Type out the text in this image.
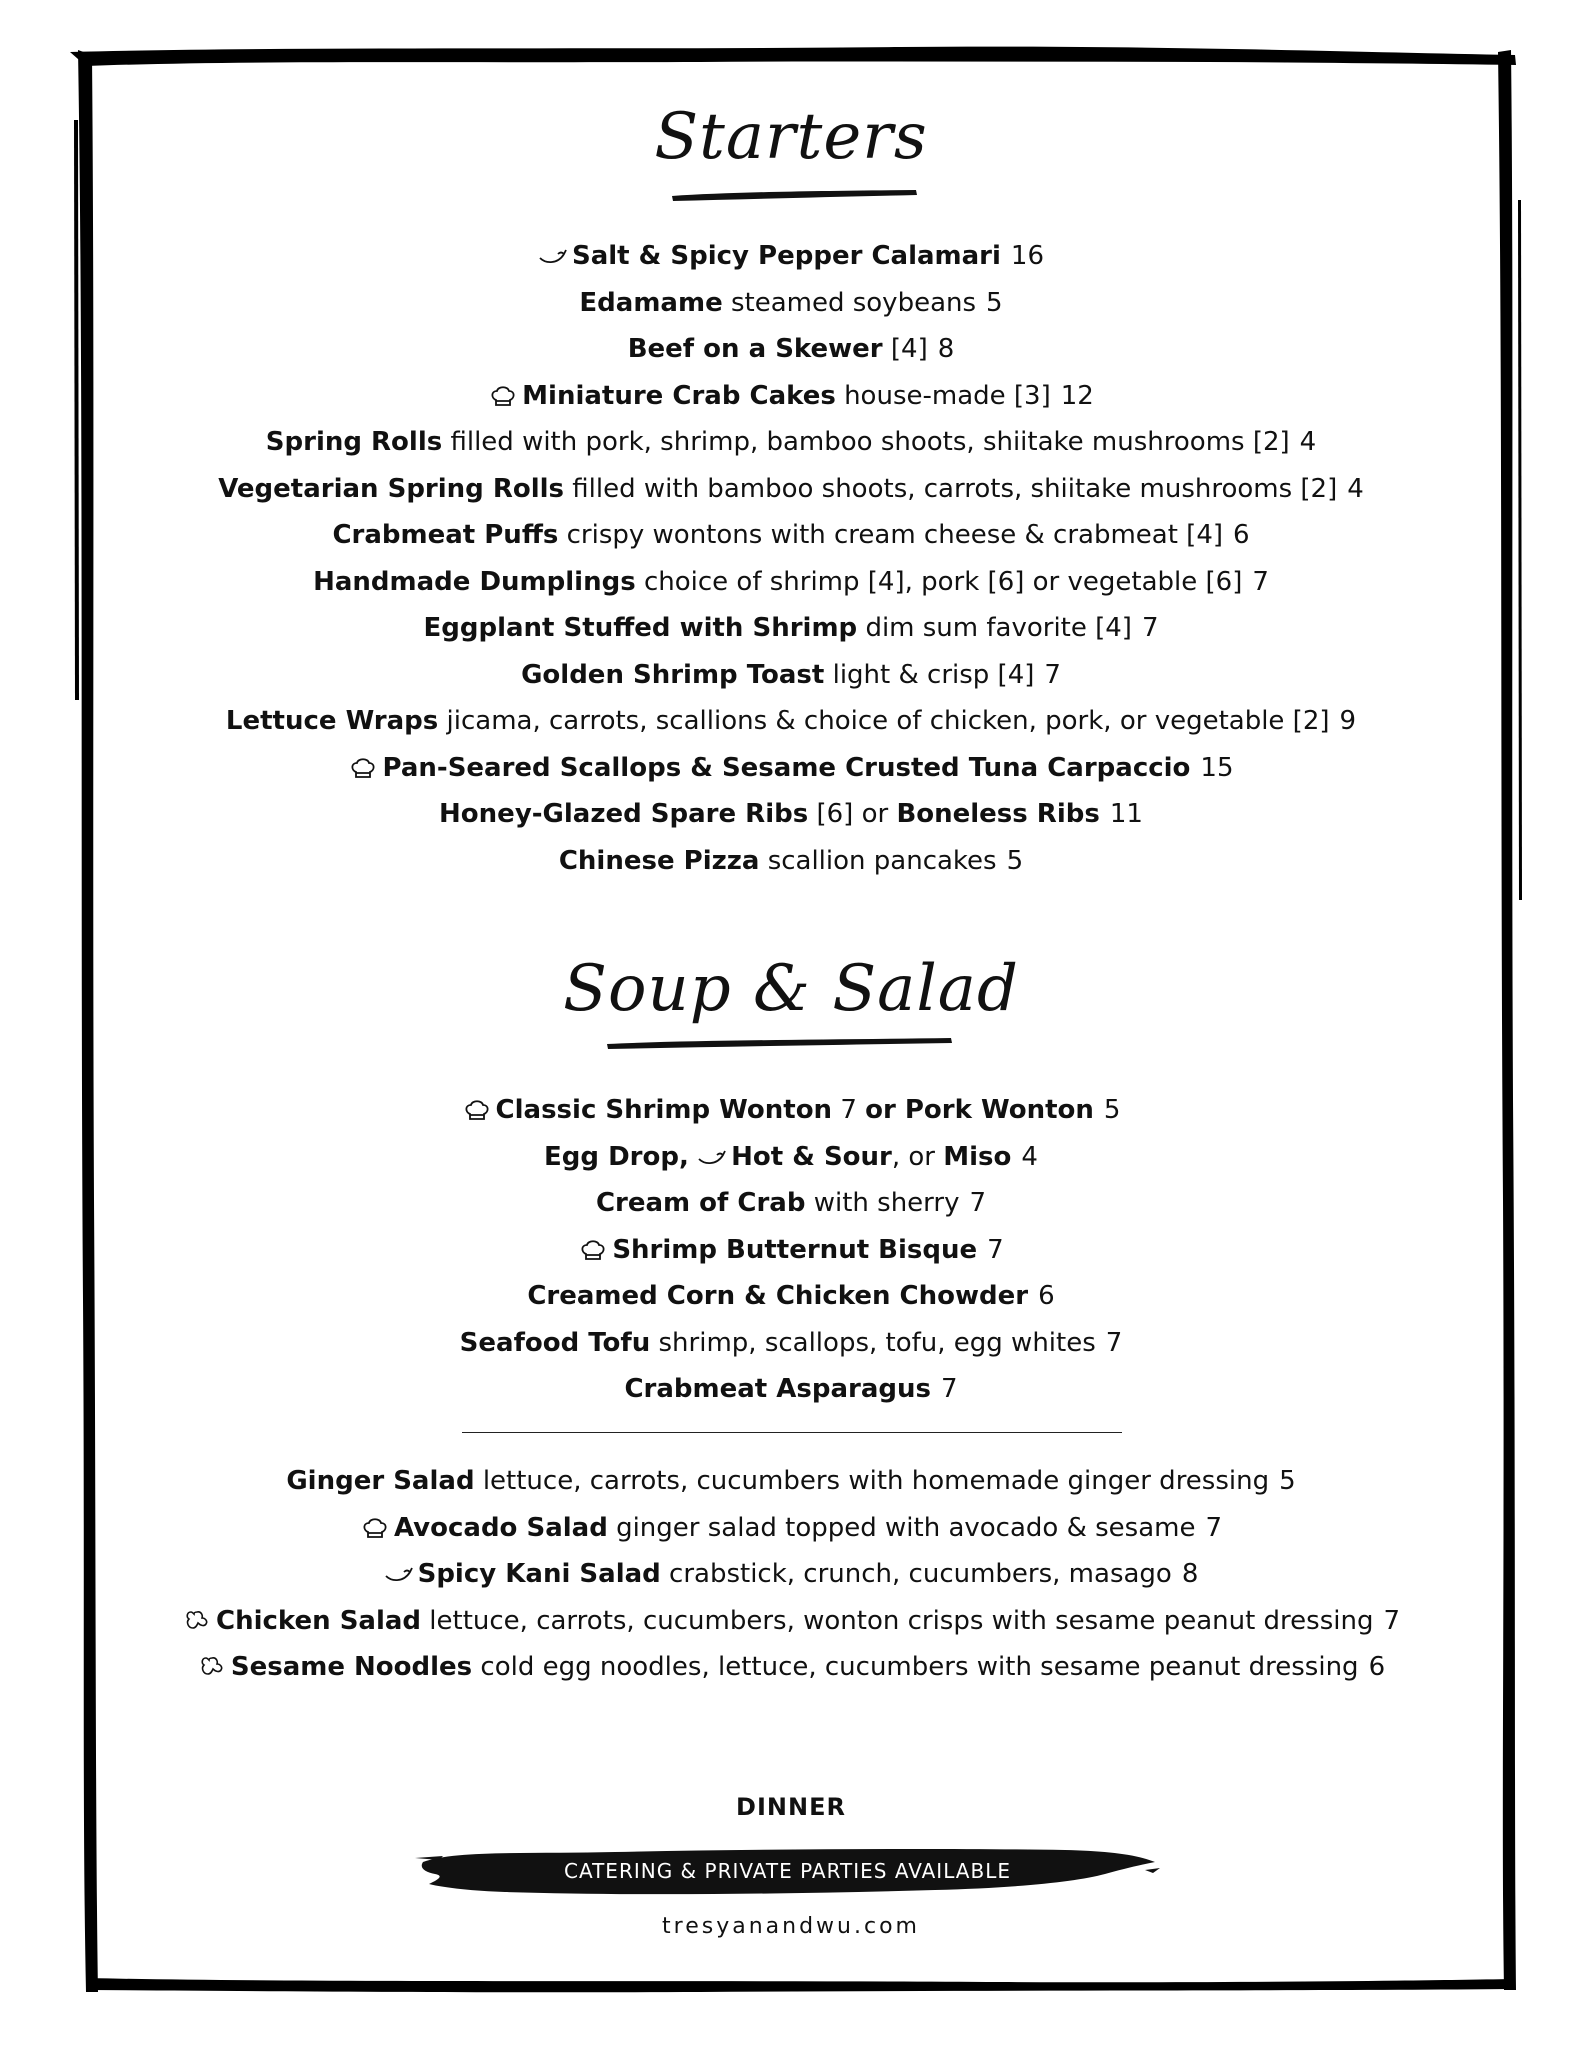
Starters
Salt & Spicy Pepper Calamari 16
Edamame steamed soybeans 5
Beef on a Skewer [4] 8
Miniature Crab Cakes house-made [3] 12
Spring Rolls filled with pork, shrimp, bamboo shoots, shiitake mushrooms [2] 4
Vegetarian Spring Rolls filled with bamboo shoots, carrots, shiitake mushrooms [2] 4
Crabmeat Puffs crispy wontons with cream cheese & crabmeat [4] 6
Handmade Dumplings choice of shrimp [4], pork [6] or vegetable [6] 7
Eggplant Stuffed with Shrimp dim sum favorite [4] 7
Golden Shrimp Toast light & crisp [4] 7
Lettuce Wraps jicama, carrots, scallions & choice of chicken, pork, or vegetable [2] 9
Pan-Seared Scallops & Sesame Crusted Tuna Carpaccio 15
Honey-Glazed Spare Ribs [6] or Boneless Ribs 11
Chinese Pizza scallion pancakes 5
Soup & Salad
Classic Shrimp Wonton 7 or Pork Wonton 5
Egg Drop, Hot & Sour, or Miso 4
Cream of Crab with sherry 7
Shrimp Butternut Bisque 7
Creamed Corn & Chicken Chowder 6
Seafood Tofu shrimp, scallops, tofu, egg whites 7
Crabmeat Asparagus 7
Ginger Salad lettuce, carrots, cucumbers with homemade ginger dressing 5
Avocado Salad ginger salad topped with avocado & sesame 7
Spicy Kani Salad crabstick, crunch, cucumbers, masago 8
Chicken Salad lettuce, carrots, cucumbers, wonton crisps with sesame peanut dressing 7
Sesame Noodles cold egg noodles, lettuce, cucumbers with sesame peanut dressing 6
DINNER
CATERING & PRIVATE PARTIES AVAILABLE
tresyanandwu.com
